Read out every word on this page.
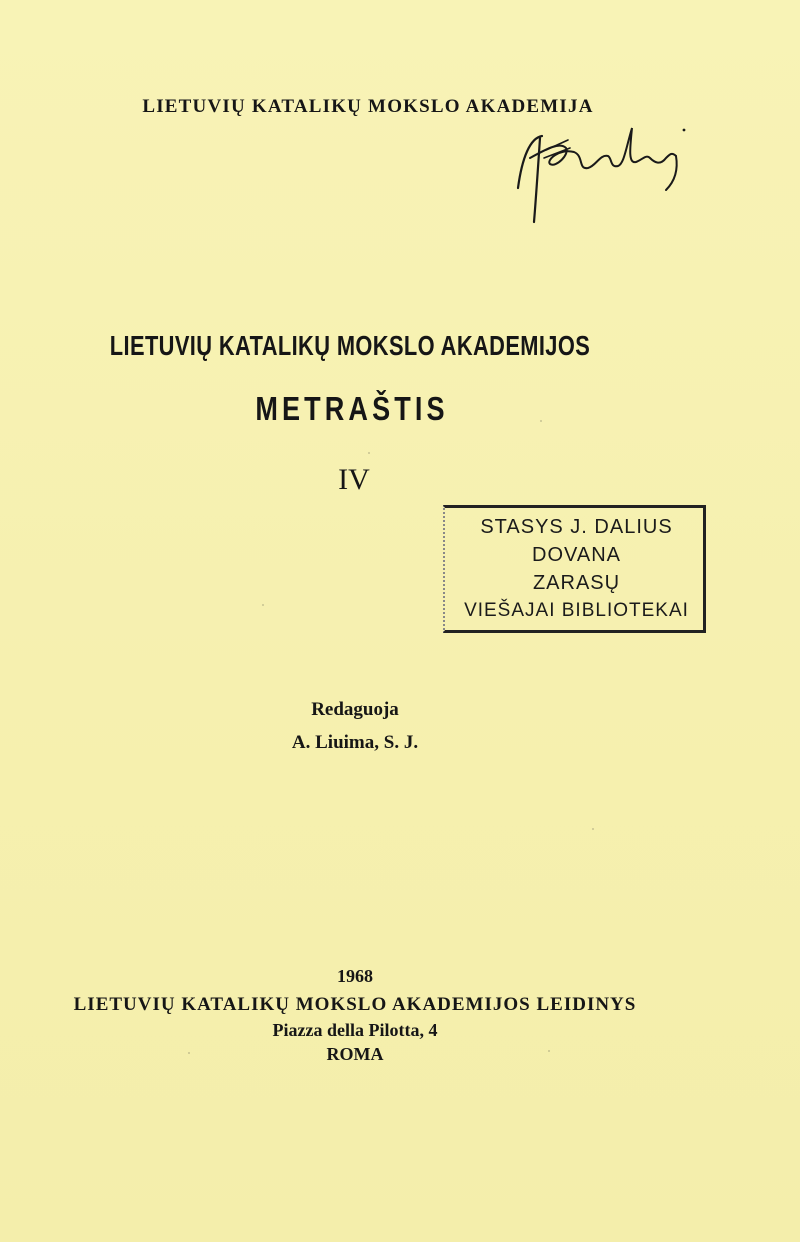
LIETUVIŲ KATALIKŲ MOKSLO AKADEMIJA
LIETUVIŲ KATALIKŲ MOKSLO AKADEMIJOS
METRAŠTIS
IV
STASYS J. DALIUS
DOVANA
ZARASŲ
VIEŠAJAI BIBLIOTEKAI
Redaguoja
A. Liuima, S. J.
1968
LIETUVIŲ KATALIKŲ MOKSLO AKADEMIJOS LEIDINYS
Piazza della Pilotta, 4
ROMA
